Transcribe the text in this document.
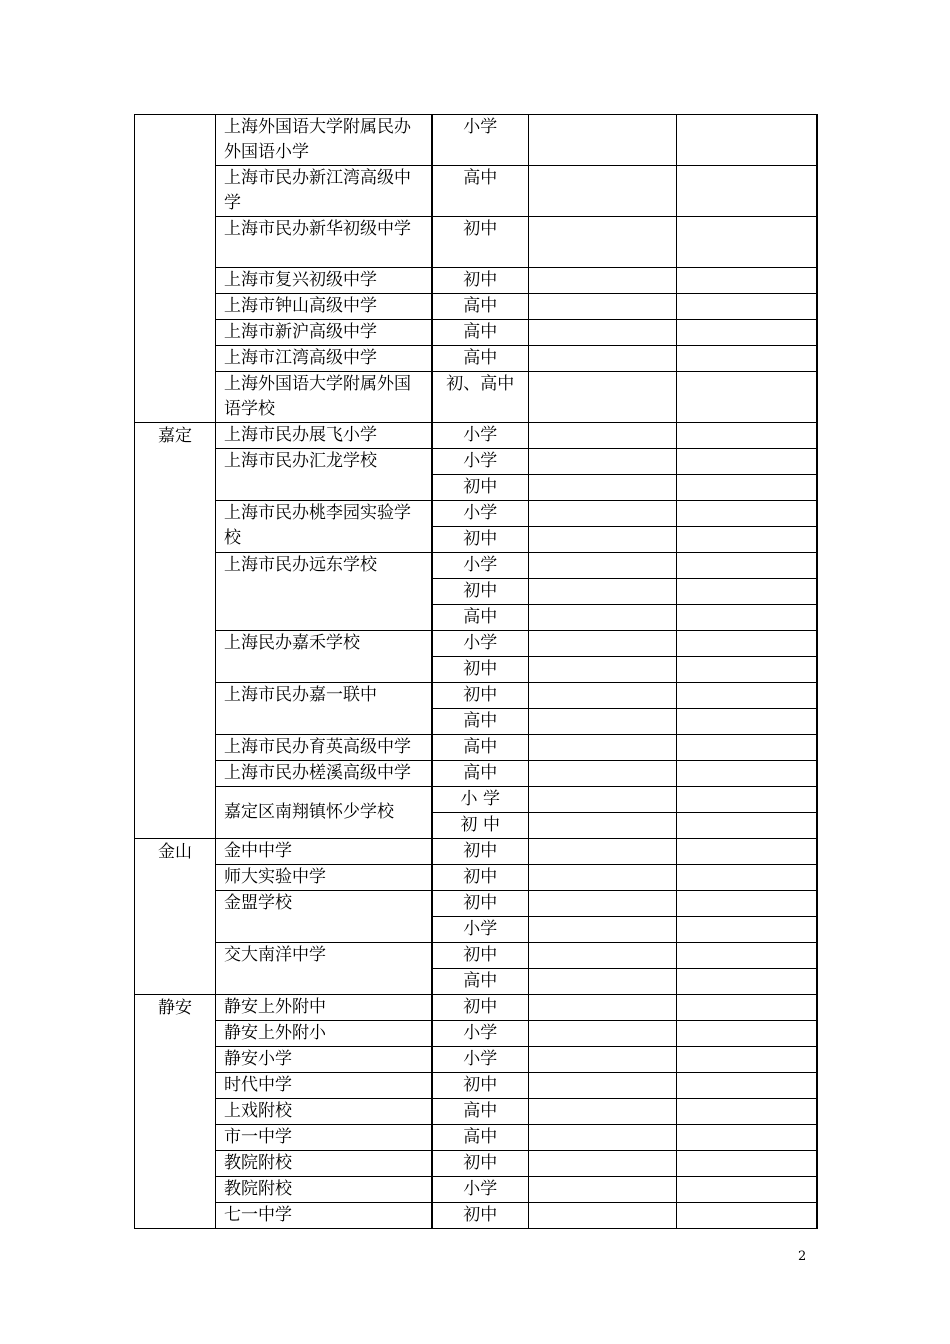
	上海外国语大学附属民办外国语小学	小学		
	上海市民办新江湾高级中学	高中		
	上海市民办新华初级中学	初中		
	上海市复兴初级中学	初中		
	上海市钟山高级中学	高中		
	上海市新沪高级中学	高中		
	上海市江湾高级中学	高中		
	上海外国语大学附属外国语学校	初、高中		
嘉定	上海市民办展飞小学	小学		
	上海市民办汇龙学校	小学		
		初中		
	上海市民办桃李园实验学校	小学		
		初中		
	上海市民办远东学校	小学		
		初中		
		高中		
	上海民办嘉禾学校	小学		
		初中		
	上海市民办嘉一联中	初中		
		高中		
	上海市民办育英高级中学	高中		
	上海市民办槎溪高级中学	高中		
	嘉定区南翔镇怀少学校	小 学		
		初 中		
金山	金中中学	初中		
	师大实验中学	初中		
	金盟学校	初中		
		小学		
	交大南洋中学	初中		
		高中		
静安	静安上外附中	初中		
	静安上外附小	小学		
	静安小学	小学		
	时代中学	初中		
	上戏附校	高中		
	市一中学	高中		
	教院附校	初中		
	教院附校	小学		
	七一中学	初中		
2
